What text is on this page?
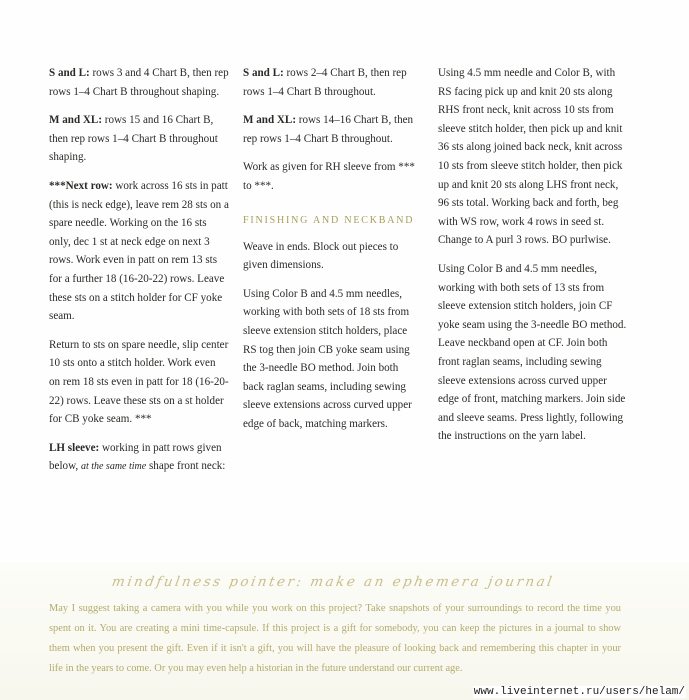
S and L: rows 3 and 4 Chart B, then rep rows 1–4 Chart B throughout shaping.

M and XL: rows 15 and 16 Chart B, then rep rows 1–4 Chart B throughout shaping.

***Next row: work across 16 sts in patt (this is neck edge), leave rem 28 sts on a spare needle. Working on the 16 sts only, dec 1 st at neck edge on next 3 rows. Work even in patt on rem 13 sts for a further 18 (16-20-22) rows. Leave these sts on a stitch holder for CF yoke seam.

Return to sts on spare needle, slip center 10 sts onto a stitch holder. Work even on rem 18 sts even in patt for 18 (16-20-22) rows. Leave these sts on a st holder for CB yoke seam. ***

LH sleeve: working in patt rows given below, at the same time shape front neck:

S and L: rows 2–4 Chart B, then rep rows 1–4 Chart B throughout.

M and XL: rows 14–16 Chart B, then rep rows 1–4 Chart B throughout.

Work as given for RH sleeve from *** to ***.

FINISHING AND NECKBAND

Weave in ends. Block out pieces to given dimensions.

Using Color B and 4.5 mm needles, working with both sets of 18 sts from sleeve extension stitch holders, place RS tog then join CB yoke seam using the 3-needle BO method. Join both back raglan seams, including sewing sleeve extensions across curved upper edge of back, matching markers.

Using 4.5 mm needle and Color B, with RS facing pick up and knit 20 sts along RHS front neck, knit across 10 sts from sleeve stitch holder, then pick up and knit 36 sts along joined back neck, knit across 10 sts from sleeve stitch holder, then pick up and knit 20 sts along LHS front neck, 96 sts total. Working back and forth, beg with WS row, work 4 rows in seed st. Change to A purl 3 rows. BO purlwise.

Using Color B and 4.5 mm needles, working with both sets of 13 sts from sleeve extension stitch holders, join CF yoke seam using the 3-needle BO method. Leave neckband open at CF. Join both front raglan seams, including sewing sleeve extensions across curved upper edge of front, matching markers. Join side and sleeve seams. Press lightly, following the instructions on the yarn label.

mindfulness pointer: make an ephemera journal
May I suggest taking a camera with you while you work on this project? Take snapshots of your surroundings to record the time you spent on it. You are creating a mini time-capsule. If this project is a gift for somebody, you can keep the pictures in a journal to show them when you present the gift. Even if it isn't a gift, you will have the pleasure of looking back and remembering this chapter in your life in the years to come. Or you may even help a historian in the future understand our current age.
www.liveinternet.ru/users/helam/
